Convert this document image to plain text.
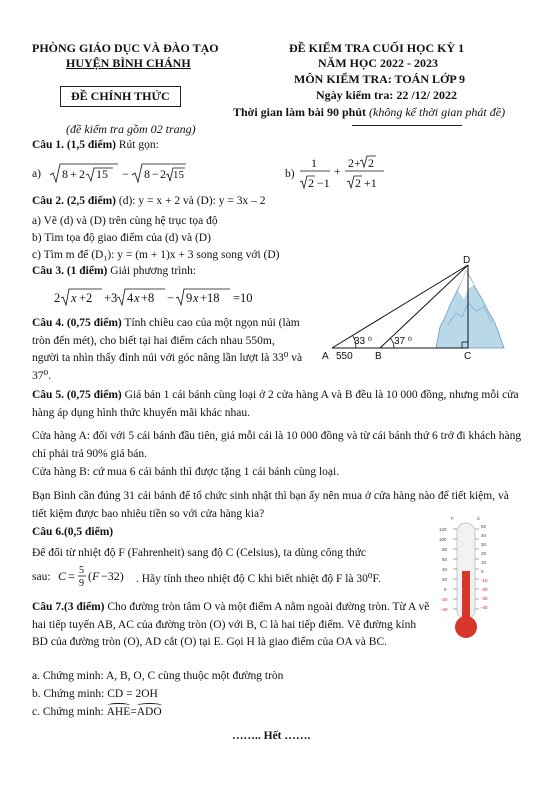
PHÒNG GIÁO DỤC VÀ ĐÀO TẠO
HUYỆN BÌNH CHÁNH
ĐỀ CHÍNH THỨC
(đề kiểm tra gồm 02 trang)
ĐỀ KIỂM TRA CUỐI HỌC KỲ 1
NĂM HỌC 2022 - 2023
MÔN KIỂM TRA: TOÁN LỚP 9
Ngày kiểm tra: 22 /12/ 2022
Thời gian làm bài 90 phút (không kể thời gian phát đề)
Câu 1. (1,5 điểm) Rút gọn:
a) 8 + 2 15 − 8 − 2 15	b)
1
2 −1
+
2+ 2
2 +1
Câu 2. (2,5 điểm) (d): y = x + 2 và (D): y = 3x – 2
a) Vẽ (d) và (D) trên cùng hệ trục tọa độ
b) Tìm tọa độ giao điểm của (d) và (D)
c) Tìm m để (D₁): y = (m + 1)x + 3 song song với (D)
Câu 3. (1 điểm) Giải phương trình:
2 x +2 +3 4 x +8 − 9 x +18 =10
Câu 4. (0,75 điểm) Tính chiều cao của một ngọn núi (làm tròn đến mét), cho biết tại hai điểm cách nhau 550m, người ta nhìn thấy đỉnh núi với góc nâng lần lượt là 33⁰ và 37⁰.
D
A 550 B	C
33 ⁰ 37 ⁰
Câu 5. (0,75 điểm) Giá bán 1 cái bánh cùng loại ở 2 cửa hàng A và B đều là 10 000 đồng, nhưng mỗi cửa hàng áp dụng hình thức khuyến mãi khác nhau.
Cửa hàng A: đối với 5 cái bánh đầu tiên, giá mỗi cái là 10 000 đồng và từ cái bánh thứ 6 trở đi khách hàng chỉ phải trả 90% giá bán.
Cửa hàng B: cứ mua 6 cái bánh thì được tặng 1 cái bánh cùng loại.
Bạn Bình cần đúng 31 cái bánh để tổ chức sinh nhật thì bạn ấy nên mua ở cửa hàng nào để tiết kiệm, và tiết kiệm được bao nhiêu tiền so với cửa hàng kia?
Câu 6.(0,5 điểm)
Để đổi từ nhiệt độ F (Fahrenheit) sang độ C (Celsius), ta dùng công thức
sau: C = 5
9
( F −32) . Hãy tính theo nhiệt độ C khi biết nhiệt độ F là 30⁰F.
F	C
120
100
80
60
40
20
0
-20
-40
50
40
30
20
10
0
-10
-20
-30
-40
Câu 7.(3 điểm) Cho đường tròn tâm O và một điểm A nằm ngoài đường tròn. Từ A vẽ hai tiếp tuyến AB, AC của đường tròn (O) với B, C là hai tiếp điểm. Vẽ đường kính BD của đường tròn (O), AD cắt (O) tại E. Gọi H là giao điểm của OA và BC.
a. Chứng minh: A, B, O, C cùng thuộc một đường tròn
b. Chứng minh: CD = 2OH
c. Chứng minh:
AHE=
ADO
…….. Hết …….
